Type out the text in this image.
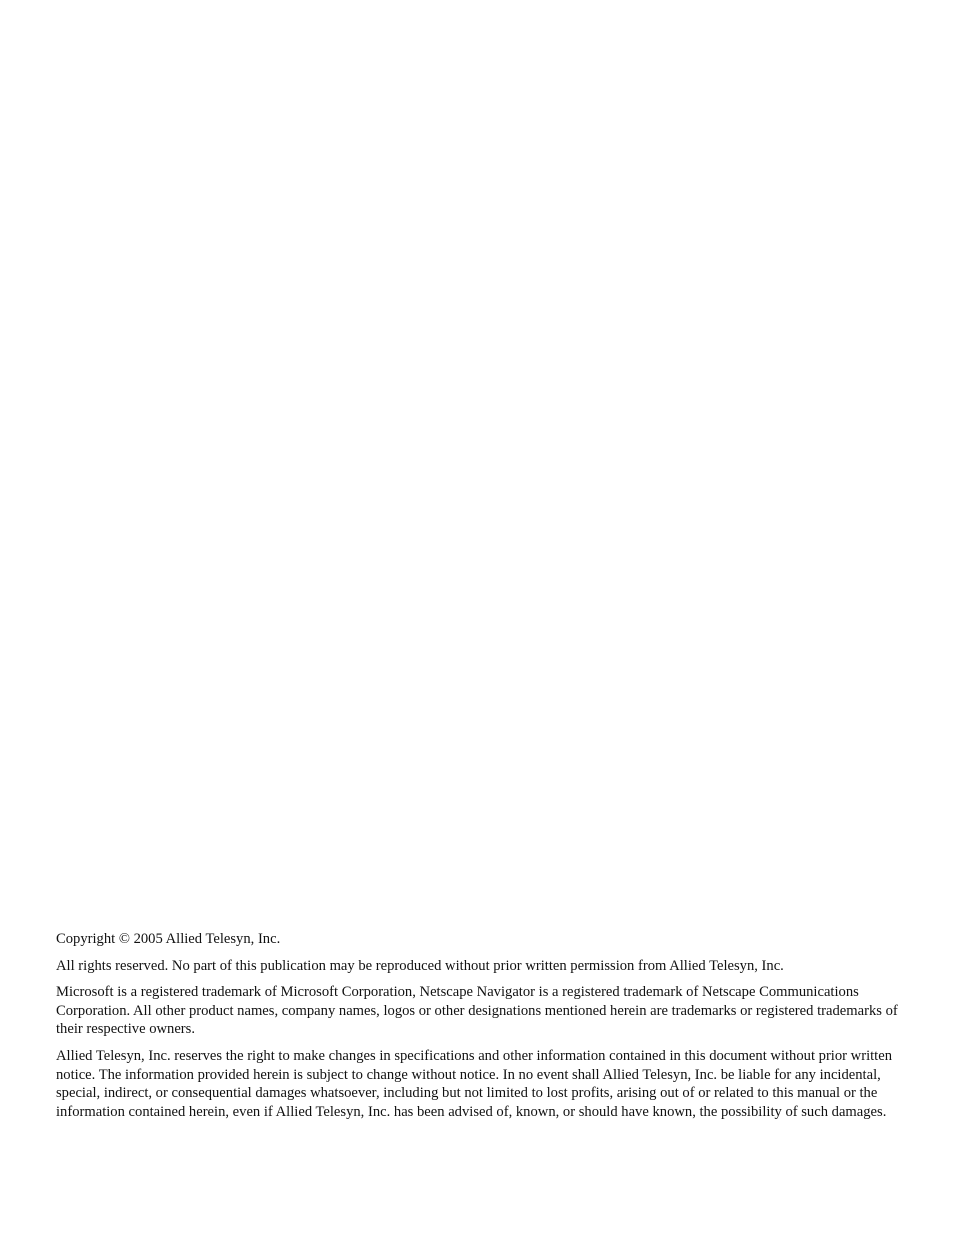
Copyright © 2005 Allied Telesyn, Inc.

All rights reserved. No part of this publication may be reproduced without prior written permission from Allied Telesyn, Inc.

Microsoft is a registered trademark of Microsoft Corporation, Netscape Navigator is a registered trademark of Netscape Communications Corporation. All other product names, company names, logos or other designations mentioned herein are trademarks or registered trademarks of their respective owners.

Allied Telesyn, Inc. reserves the right to make changes in specifications and other information contained in this document without prior written notice. The information provided herein is subject to change without notice. In no event shall Allied Telesyn, Inc. be liable for any incidental, special, indirect, or consequential damages whatsoever, including but not limited to lost profits, arising out of or related to this manual or the information contained herein, even if Allied Telesyn, Inc. has been advised of, known, or should have known, the possibility of such damages.
